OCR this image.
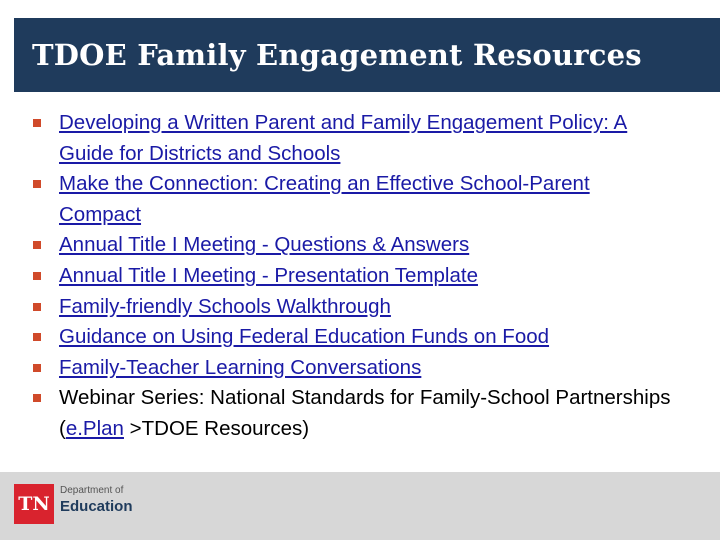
TDOE Family Engagement Resources
Developing a Written Parent and Family Engagement Policy: A Guide for Districts and Schools
Make the Connection: Creating an Effective School-Parent Compact
Annual Title I Meeting - Questions & Answers
Annual Title I Meeting - Presentation Template
Family-friendly Schools Walkthrough
Guidance on Using Federal Education Funds on Food
Family-Teacher Learning Conversations
Webinar Series: National Standards for Family-School Partnerships (e.Plan >TDOE Resources)
TN
Department of
Education
